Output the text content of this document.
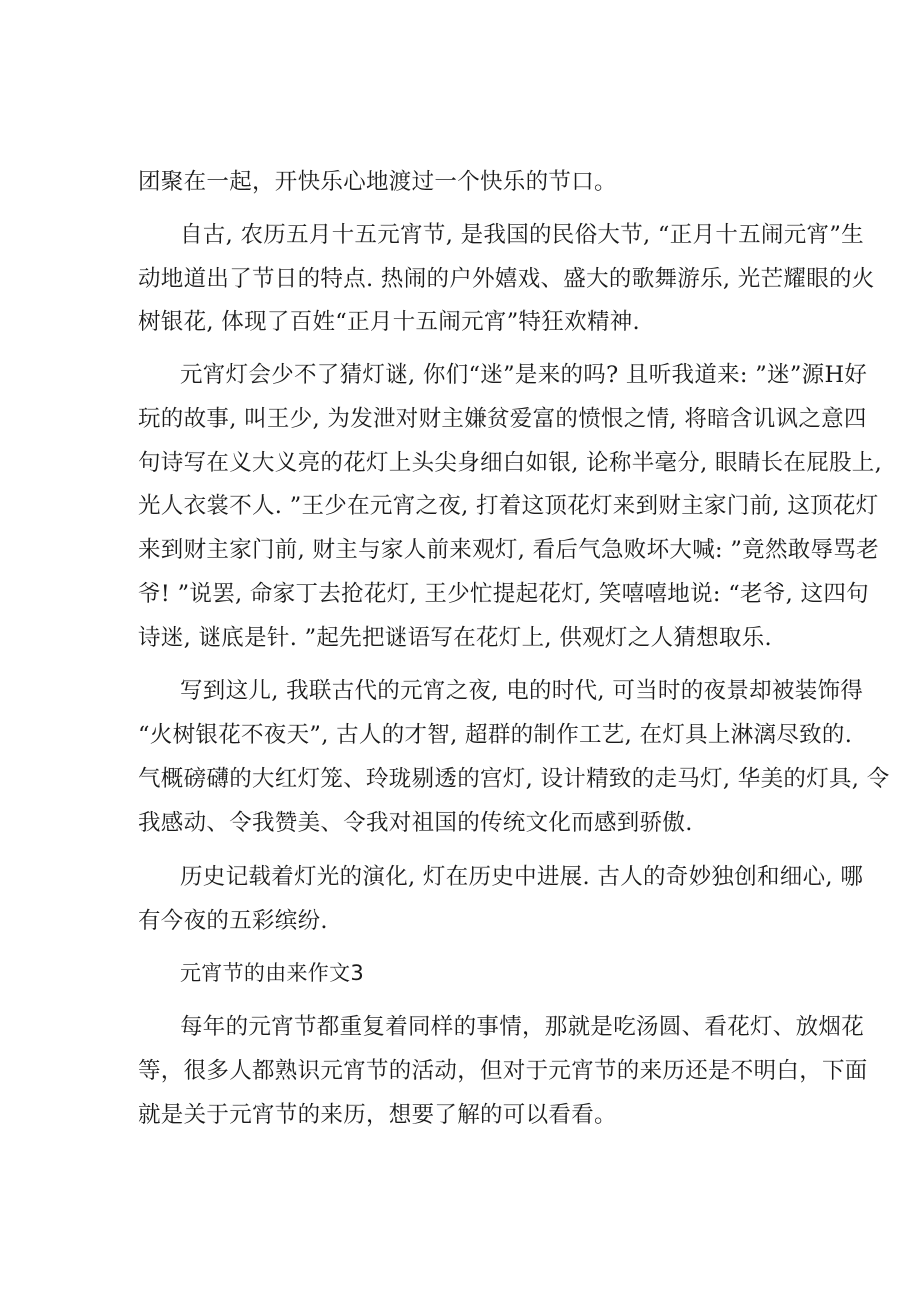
团聚在一起，开快乐心地渡过一个快乐的节口。
自古, 农历五月十五元宵节, 是我国的民俗大节, “正月十五闹元宵”生
动地道出了节日的特点. 热闹的户外嬉戏、盛大的歌舞游乐, 光芒耀眼的火
树银花, 体现了百姓“正月十五闹元宵”特狂欢精神.
元宵灯会少不了猜灯谜, 你们“迷”是来的吗? 且听我道来: ”迷”源H好
玩的故事, 叫王少, 为发泄对财主嫌贫爱富的愤恨之情, 将暗含讥讽之意四
句诗写在义大义亮的花灯上头尖身细白如银, 论称半毫分, 眼睛长在屁股上,
光人衣裳不人. ”王少在元宵之夜, 打着这顶花灯来到财主家门前, 这顶花灯
来到财主家门前, 财主与家人前来观灯, 看后气急败坏大喊: ”竟然敢辱骂老
爷! ”说罢, 命家丁去抢花灯, 王少忙提起花灯, 笑嘻嘻地说: “老爷, 这四句
诗迷, 谜底是针. ”起先把谜语写在花灯上, 供观灯之人猜想取乐.
写到这儿, 我联古代的元宵之夜, 电的时代, 可当时的夜景却被装饰得
“火树银花不夜天”, 古人的才智, 超群的制作工艺, 在灯具上淋漓尽致的.
气概磅礴的大红灯笼、玲珑剔透的宫灯, 设计精致的走马灯, 华美的灯具, 令
我感动、令我赞美、令我对祖国的传统文化而感到骄傲.
历史记载着灯光的演化, 灯在历史中进展. 古人的奇妙独创和细心, 哪
有今夜的五彩缤纷.
元宵节的由来作文3
每年的元宵节都重复着同样的事情，那就是吃汤圆、看花灯、放烟花
等，很多人都熟识元宵节的活动，但对于元宵节的来历还是不明白，下面
就是关于元宵节的来历，想要了解的可以看看。
